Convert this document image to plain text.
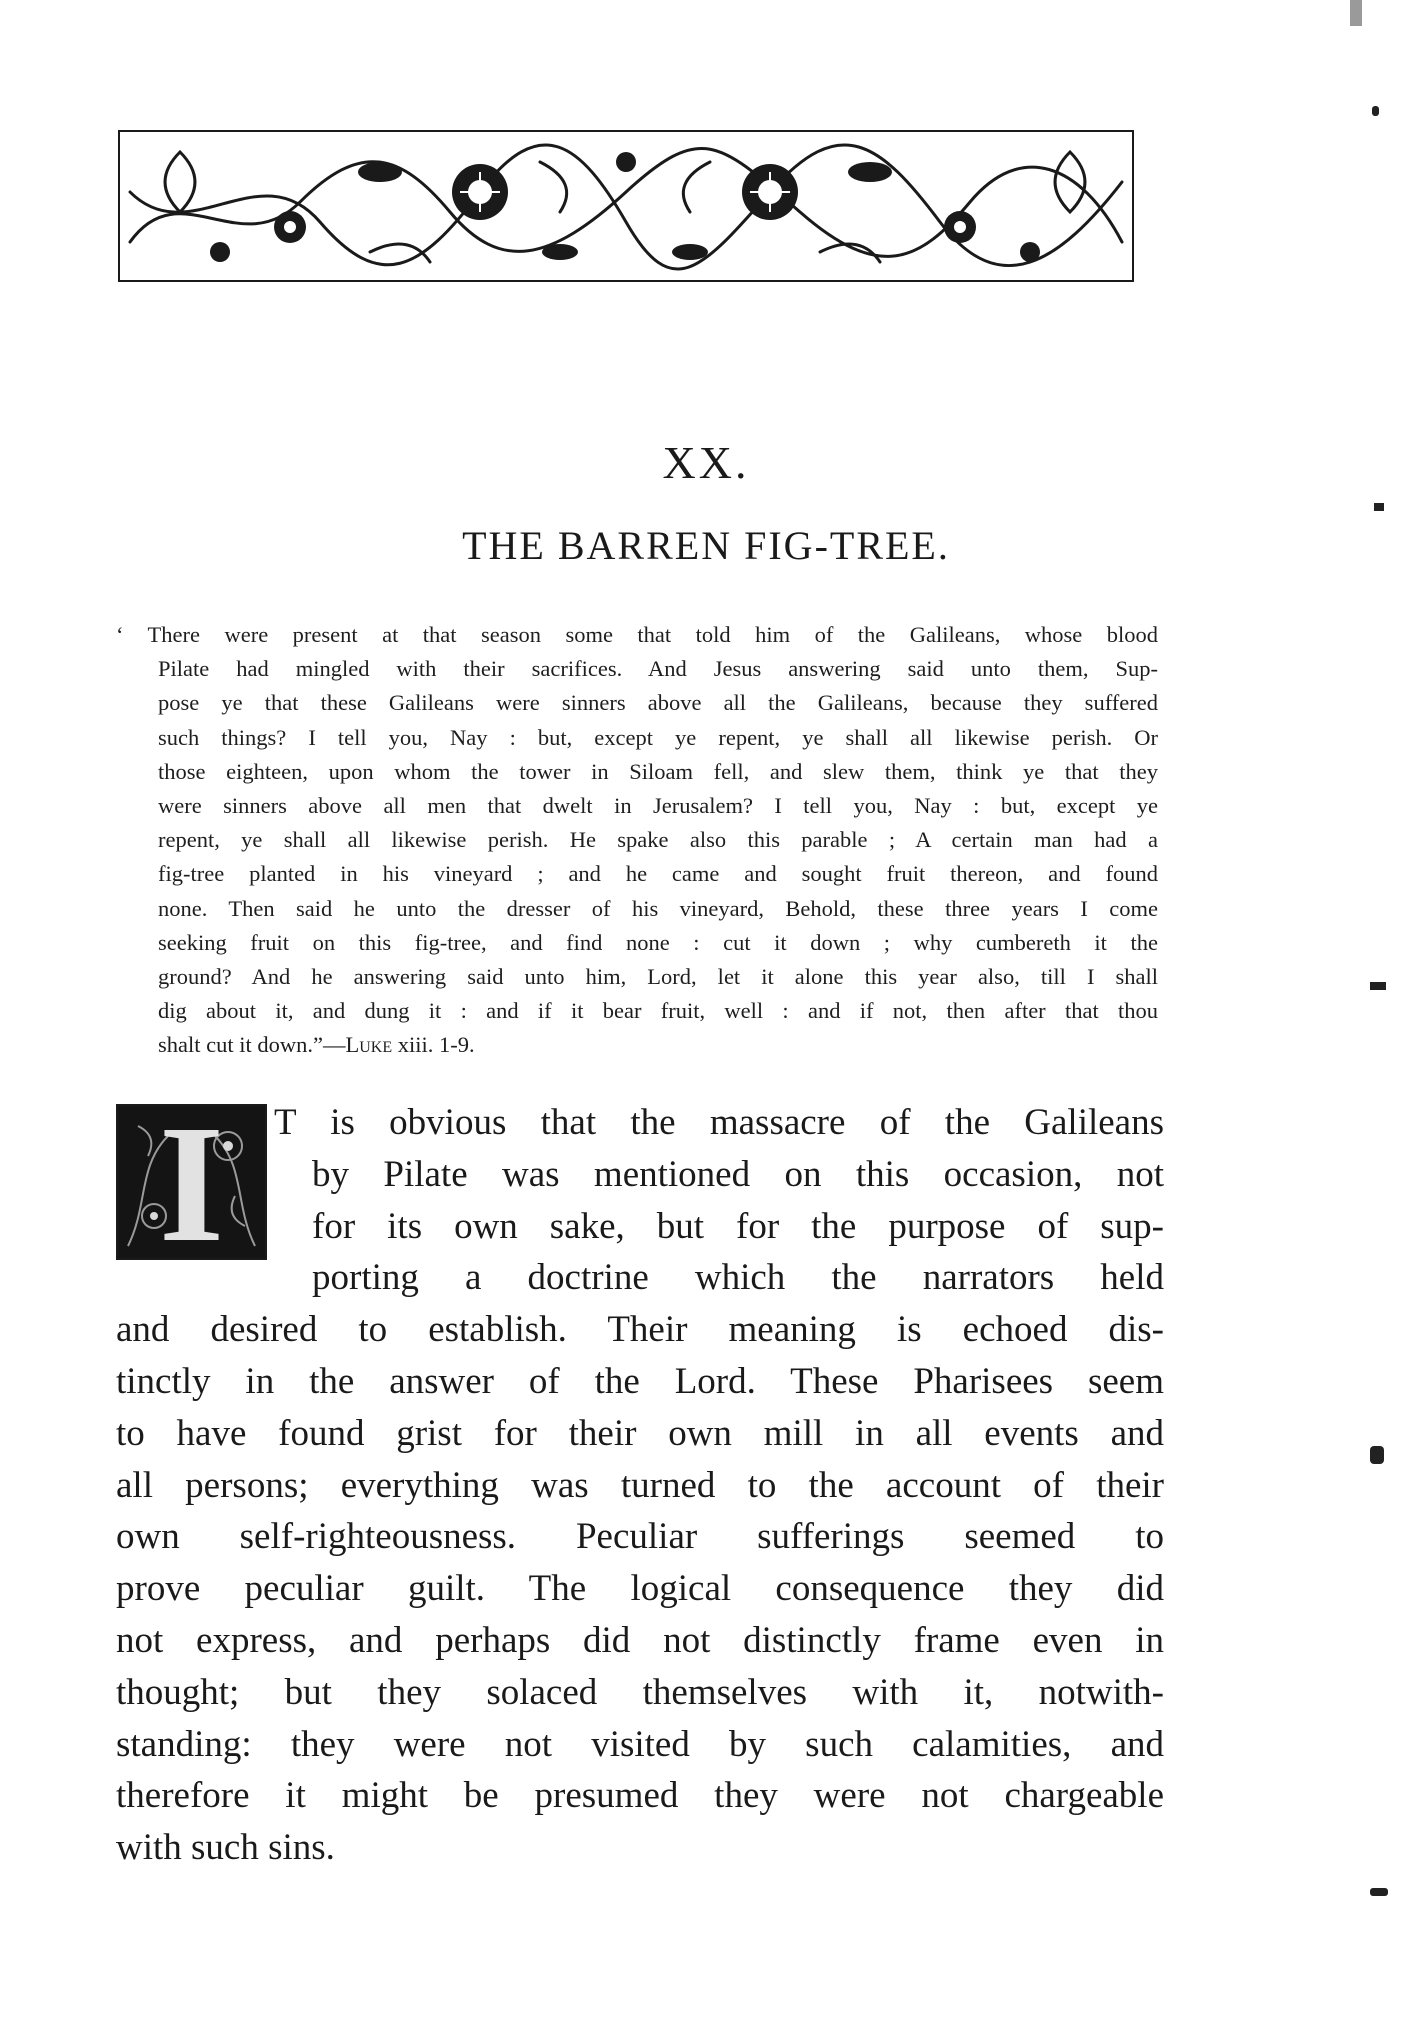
XX.
THE BARREN FIG-TREE.
‘ There were present at that season some that told him of the Galileans, whose blood
Pilate had mingled with their sacrifices. And Jesus answering said unto them, Sup-
pose ye that these Galileans were sinners above all the Galileans, because they suffered
such things? I tell you, Nay : but, except ye repent, ye shall all likewise perish. Or
those eighteen, upon whom the tower in Siloam fell, and slew them, think ye that they
were sinners above all men that dwelt in Jerusalem? I tell you, Nay : but, except ye
repent, ye shall all likewise perish. He spake also this parable ; A certain man had a
fig-tree planted in his vineyard ; and he came and sought fruit thereon, and found
none. Then said he unto the dresser of his vineyard, Behold, these three years I come
seeking fruit on this fig-tree, and find none : cut it down ; why cumbereth it the
ground? And he answering said unto him, Lord, let it alone this year also, till I shall
dig about it, and dung it : and if it bear fruit, well : and if not, then after that thou
shalt cut it down.”—Luke xiii. 1-9.
I	T is obvious that the massacre of the Galileans
by Pilate was mentioned on this occasion, not
for its own sake, but for the purpose of sup-
porting a doctrine which the narrators held
and desired to establish. Their meaning is echoed dis-
tinctly in the answer of the Lord. These Pharisees seem
to have found grist for their own mill in all events and
all persons; everything was turned to the account of their
own self-righteousness. Peculiar sufferings seemed to
prove peculiar guilt. The logical consequence they did
not express, and perhaps did not distinctly frame even in
thought; but they solaced themselves with it, notwith-
standing: they were not visited by such calamities, and
therefore it might be presumed they were not chargeable
with such sins.
